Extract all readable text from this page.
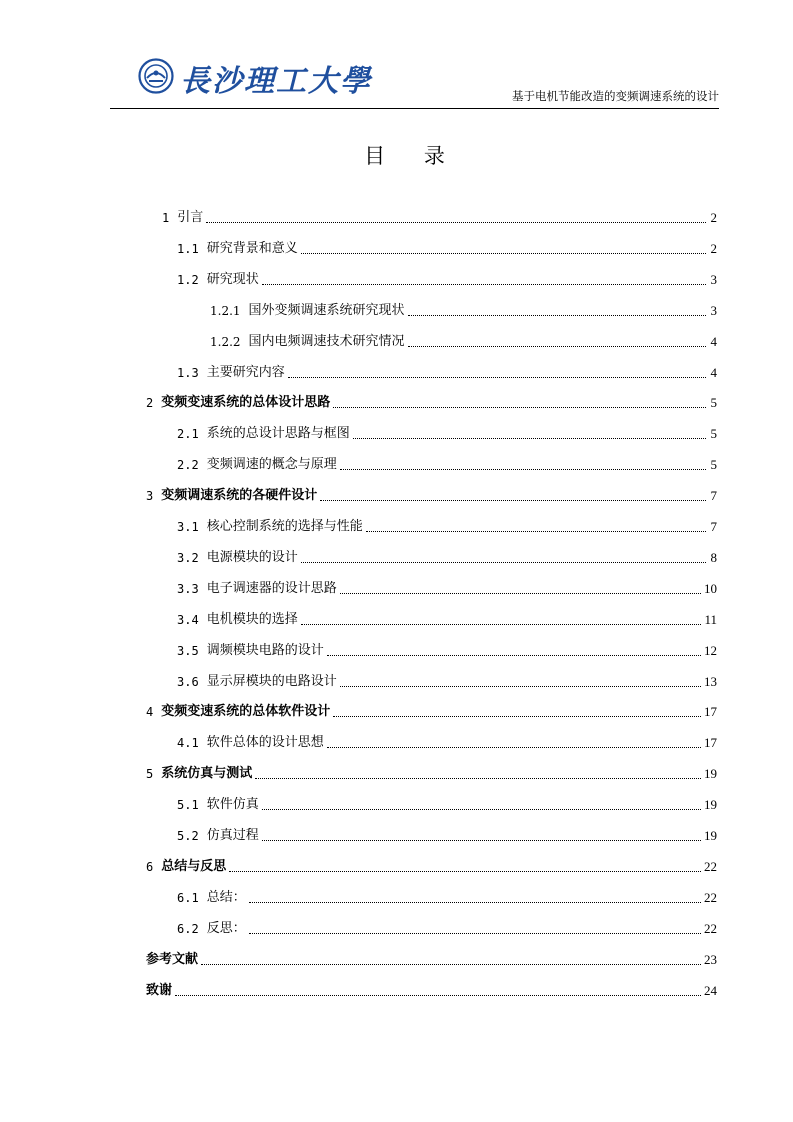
長沙理工大學	基于电机节能改造的变频调速系统的设计
目 录
1 引言	2
1.1 研究背景和意义	2
1.2 研究现状	3
1.2.1 国外变频调速系统研究现状	3
1.2.2 国内电频调速技术研究情况	4
1.3 主要研究内容	4
2 变频变速系统的总体设计思路	5
2.1 系统的总设计思路与框图	5
2.2 变频调速的概念与原理	5
3 变频调速系统的各硬件设计	7
3.1 核心控制系统的选择与性能	7
3.2 电源模块的设计	8
3.3 电子调速器的设计思路	10
3.4 电机模块的选择	11
3.5 调频模块电路的设计	12
3.6 显示屏模块的电路设计	13
4 变频变速系统的总体软件设计	17
4.1 软件总体的设计思想	17
5 系统仿真与测试	19
5.1 软件仿真	19
5.2 仿真过程	19
6 总结与反思	22
6.1 总结：	22
6.2 反思：	22
参考文献	23
致谢	24
